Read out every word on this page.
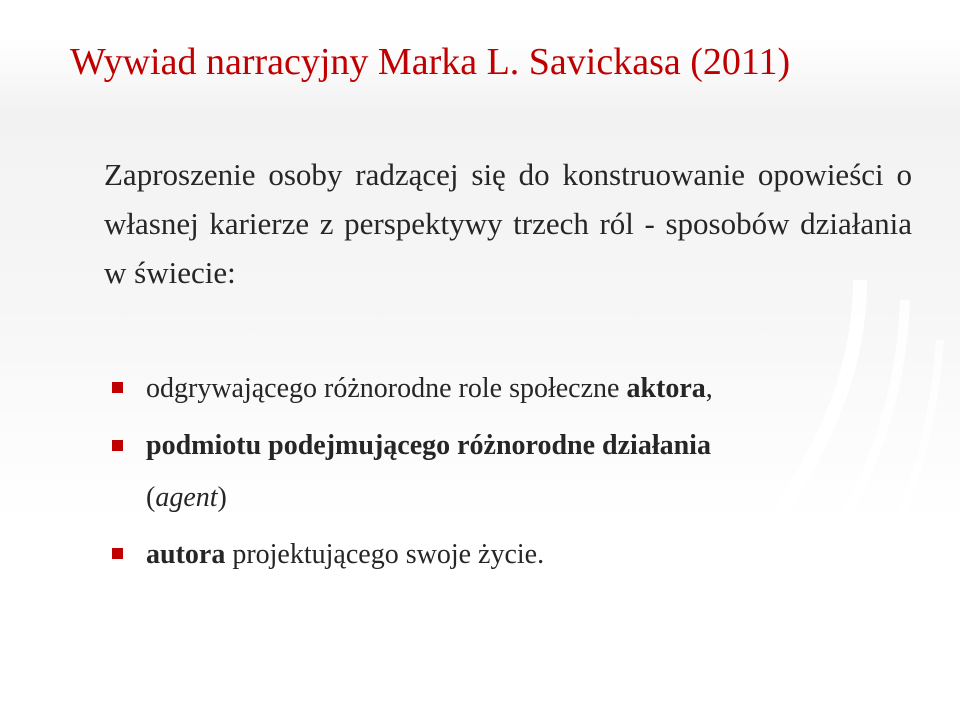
Wywiad narracyjny Marka L. Savickasa (2011)

Zaproszenie osoby radzącej się do konstruowanie opowieści o własnej karierze z perspektywy trzech ról - sposobów działania w świecie:

odgrywającego różnorodne role społeczne aktora,
podmiotu podejmującego różnorodne działania
(agent)
autora projektującego swoje życie.
